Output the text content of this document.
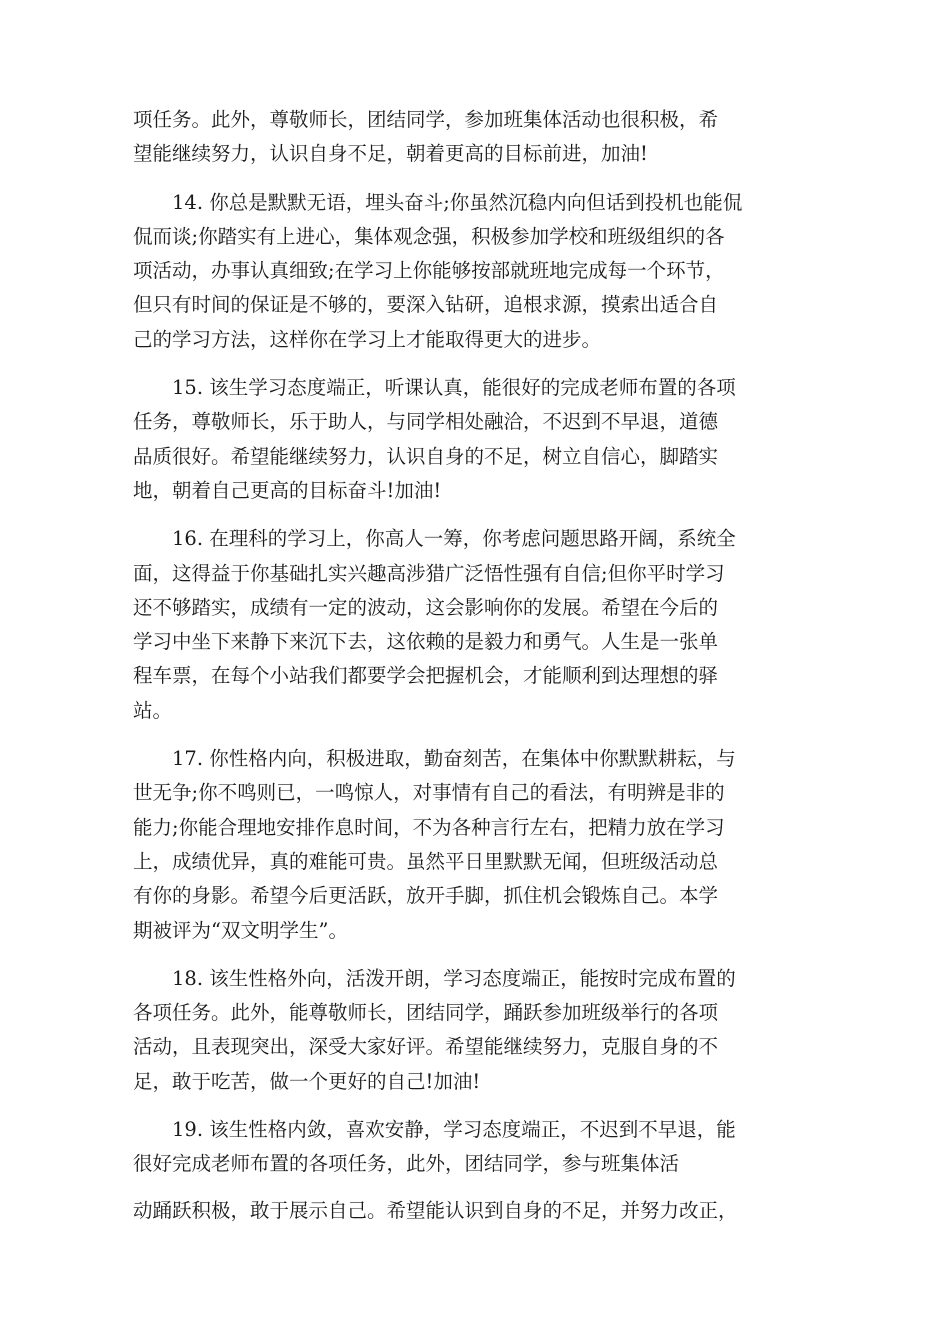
项任务。此外，尊敬师长，团结同学，参加班集体活动也很积极，希
望能继续努力，认识自身不足，朝着更高的目标前进，加油!

14. 你总是默默无语，埋头奋斗;你虽然沉稳内向但话到投机也能侃
侃而谈;你踏实有上进心，集体观念强，积极参加学校和班级组织的各
项活动，办事认真细致;在学习上你能够按部就班地完成每一个环节，
但只有时间的保证是不够的，要深入钻研，追根求源，摸索出适合自
己的学习方法，这样你在学习上才能取得更大的进步。

15. 该生学习态度端正，听课认真，能很好的完成老师布置的各项
任务，尊敬师长，乐于助人，与同学相处融洽，不迟到不早退，道德
品质很好。希望能继续努力，认识自身的不足，树立自信心，脚踏实
地，朝着自己更高的目标奋斗!加油!

16. 在理科的学习上，你高人一筹，你考虑问题思路开阔，系统全
面，这得益于你基础扎实兴趣高涉猎广泛悟性强有自信;但你平时学习
还不够踏实，成绩有一定的波动，这会影响你的发展。希望在今后的
学习中坐下来静下来沉下去，这依赖的是毅力和勇气。人生是一张单
程车票，在每个小站我们都要学会把握机会，才能顺利到达理想的驿
站。

17. 你性格内向，积极进取，勤奋刻苦，在集体中你默默耕耘，与
世无争;你不鸣则已，一鸣惊人，对事情有自己的看法，有明辨是非的
能力;你能合理地安排作息时间，不为各种言行左右，把精力放在学习
上，成绩优异，真的难能可贵。虽然平日里默默无闻，但班级活动总
有你的身影。希望今后更活跃，放开手脚，抓住机会锻炼自己。本学
期被评为“双文明学生”。

18. 该生性格外向，活泼开朗，学习态度端正，能按时完成布置的
各项任务。此外，能尊敬师长，团结同学，踊跃参加班级举行的各项
活动，且表现突出，深受大家好评。希望能继续努力，克服自身的不
足，敢于吃苦，做一个更好的自己!加油!

19. 该生性格内敛，喜欢安静，学习态度端正，不迟到不早退，能
很好完成老师布置的各项任务，此外，团结同学，参与班集体活
动踊跃积极，敢于展示自己。希望能认识到自身的不足，并努力改正，
